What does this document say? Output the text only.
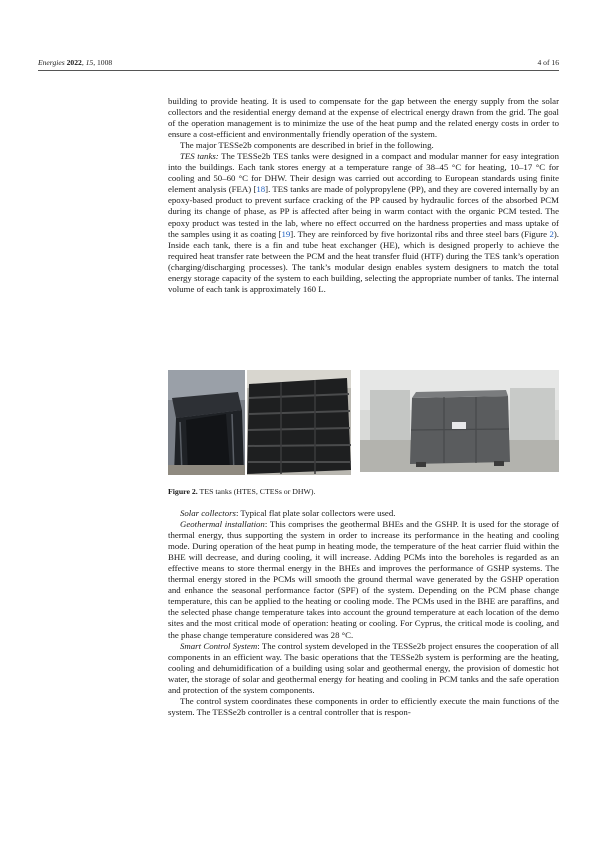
Energies 2022, 15, 1008	4 of 16

building to provide heating. It is used to compensate for the gap between the energy supply from the solar collectors and the residential energy demand at the expense of electrical energy drawn from the grid. The goal of the operation management is to minimize the use of the heat pump and the related energy costs in order to ensure a cost-efficient and environmentally friendly operation of the system.

The major TESSe2b components are described in brief in the following.

TES tanks: The TESSe2b TES tanks were designed in a compact and modular manner for easy integration into the buildings. Each tank stores energy at a temperature range of 38–45 °C for heating, 10–17 °C for cooling and 50–60 °C for DHW. Their design was carried out according to European standards using finite element analysis (FEA) [18]. TES tanks are made of polypropylene (PP), and they are covered internally by an epoxy-based product to prevent surface cracking of the PP caused by hydraulic forces of the absorbed PCM during its change of phase, as PP is affected after being in warm contact with the organic PCM tested. The epoxy product was tested in the lab, where no effect occurred on the hardness properties and mass uptake of the samples using it as coating [19]. They are reinforced by five horizontal ribs and three steel bars (Figure 2). Inside each tank, there is a fin and tube heat exchanger (HE), which is designed properly to achieve the required heat transfer rate between the PCM and the heat transfer fluid (HTF) during the TES tank’s operation (charging/discharging processes). The tank’s modular design enables system designers to match the total energy storage capacity of the system to each building, selecting the appropriate number of tanks. The internal volume of each tank is approximately 160 L.

Figure 2. TES tanks (HTES, CTESs or DHW).

Solar collectors: Typical flat plate solar collectors were used.

Geothermal installation: This comprises the geothermal BHEs and the GSHP. It is used for the storage of thermal energy, thus supporting the system in order to increase its performance in the heating and cooling mode. During operation of the heat pump in heating mode, the temperature of the heat carrier fluid within the BHE will decrease, and during cooling, it will increase. Adding PCMs into the boreholes is regarded as an effective means to store thermal energy in the BHEs and improves the performance of GSHP systems. The thermal energy stored in the PCMs will smooth the ground thermal wave generated by the GSHP operation and enhance the seasonal performance factor (SPF) of the system. Depending on the PCM phase change temperature, this can be applied to the heating or cooling mode. The PCMs used in the BHE are paraffins, and the selected phase change temperature takes into account the ground temperature at each location of the demo sites and the most critical mode of operation: heating or cooling. For Cyprus, the critical mode is cooling, and the phase change temperature considered was 28 °C.

Smart Control System: The control system developed in the TESSe2b project ensures the cooperation of all components in an efficient way. The basic operations that the TESSe2b system is performing are the heating, cooling and dehumidification of a building using solar and geothermal energy, the provision of domestic hot water, the storage of solar and geothermal energy for heating and cooling in PCM tanks and the safe operation and protection of the system components.

The control system coordinates these components in order to efficiently execute the main functions of the system. The TESSe2b controller is a central controller that is respon-
